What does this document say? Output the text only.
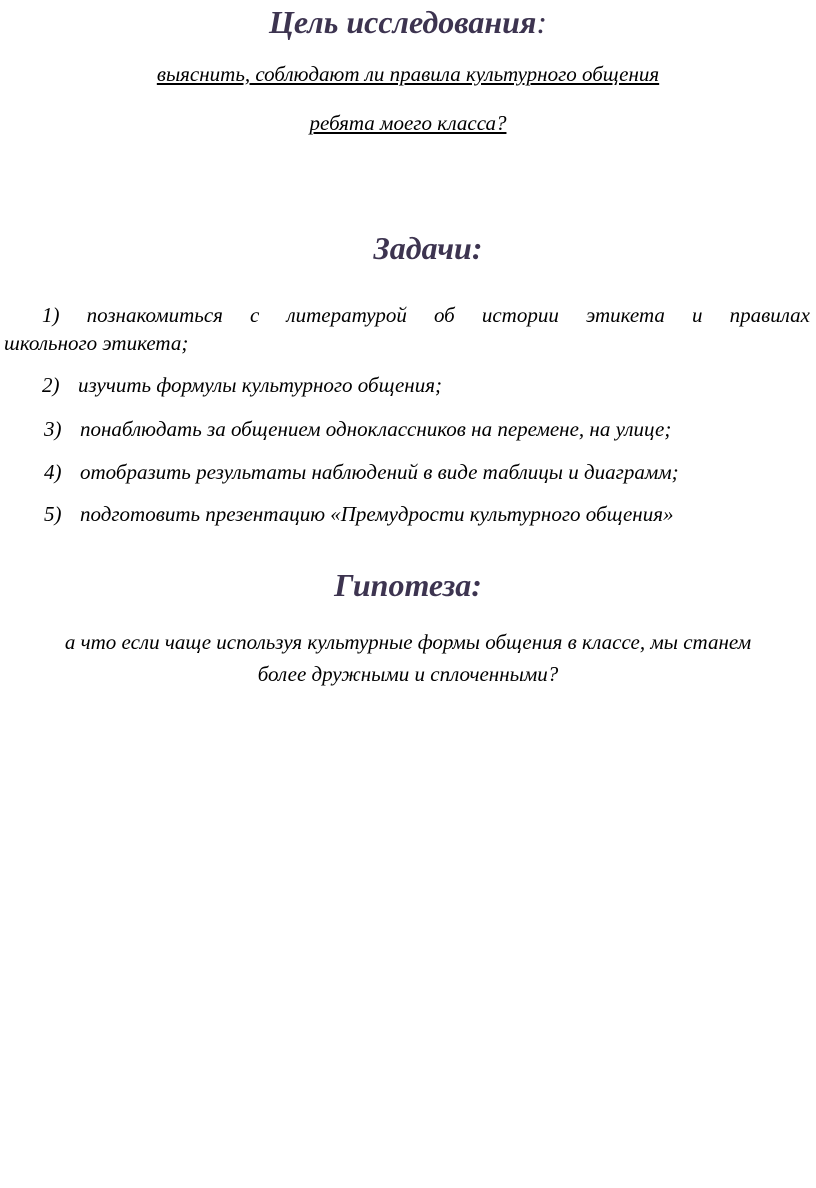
Цель исследования:

выяснить, соблюдают ли правила культурного общения

ребята моего класса?

Задачи:
1) познакомиться с литературой об истории этикета и правилах
школьного этикета;

2) изучить формулы культурного общения;

3) понаблюдать за общением одноклассников на перемене, на улице;

4) отобразить результаты наблюдений в виде таблицы и диаграмм;

5) подготовить презентацию «Премудрости культурного общения»

Гипотеза:

а что если чаще используя культурные формы общения в классе, мы станем

более дружными и сплоченными?
